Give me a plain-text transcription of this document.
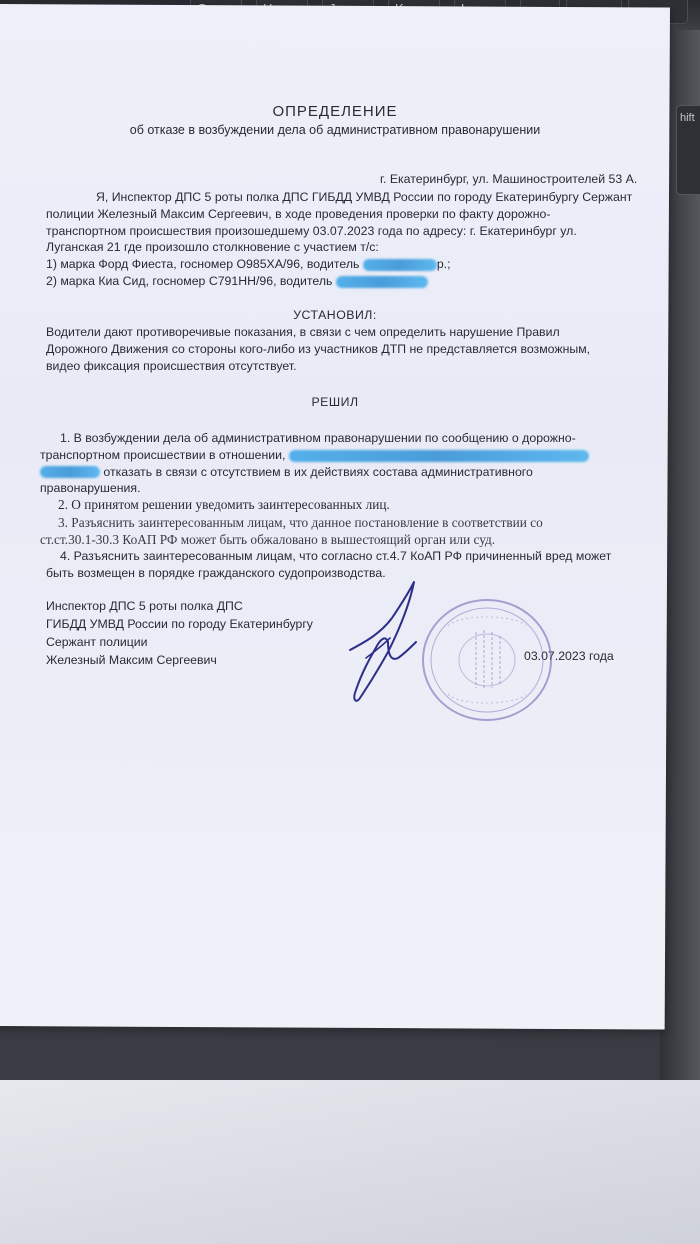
hift
ОПРЕДЕЛЕНИЕ
об отказе в возбуждении дела об административном правонарушении
г. Екатеринбург, ул. Машиностроителей 53 А.
Я, Инспектор ДПС 5 роты полка ДПС ГИБДД УМВД России по городу Екатеринбургу Сержант
полиции Железный Максим Сергеевич, в ходе проведения проверки по факту дорожно-
транспортном происшествия произошедшему 03.07.2023 года по адресу: г. Екатеринбург ул.
Луганская 21 где произошло столкновение с участием т/с:
1) марка Форд Фиеста, госномер О985ХА/96, водитель	р.;
2) марка Киа Сид, госномер С791НН/96, водитель
УСТАНОВИЛ:
Водители дают противоречивые показания, в связи с чем определить нарушение Правил
Дорожного Движения со стороны кого-либо из участников ДТП не представляется возможным,
видео фиксация происшествия отсутствует.
РЕШИЛ
1. В возбуждении дела об административном правонарушении по сообщению о дорожно-
транспортном происшествии в отношении,
отказать в связи с отсутствием в их действиях состава административного
правонарушения.
2. О принятом решении уведомить заинтересованных лиц.
3. Разъяснить заинтересованным лицам, что данное постановление в соответствии со
ст.ст.30.1-30.3 КоАП РФ может быть обжаловано в вышестоящий орган или суд.
4. Разъяснить заинтересованным лицам, что согласно ст.4.7 КоАП РФ причиненный вред может
быть возмещен в порядке гражданского судопроизводства.
Инспектор ДПС 5 роты полка ДПС
ГИБДД УМВД России по городу Екатеринбургу
Сержант полиции
Железный Максим Сергеевич	03.07.2023 года
